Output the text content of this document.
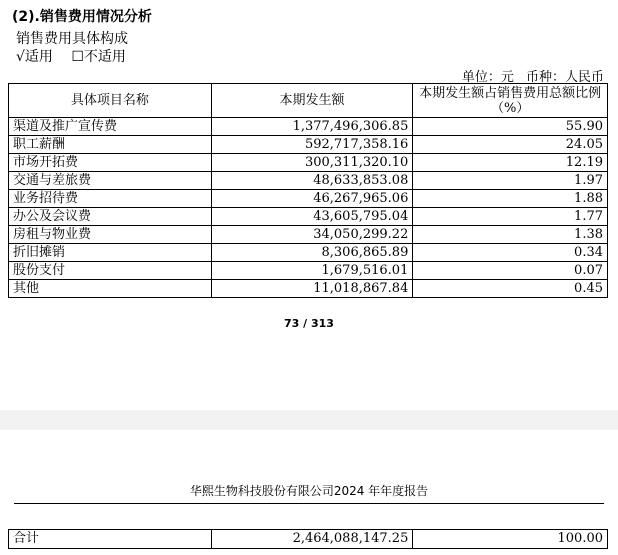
(2).销售费用情况分析
销售费用具体构成
√适用 ☐不适用
单位：元 币种：人民币
具体项目名称	本期发生额	本期发生额占销售费用总额比例（%）
渠道及推广宣传费	1,377,496,306.85	55.90
职工薪酬	592,717,358.16	24.05
市场开拓费	300,311,320.10	12.19
交通与差旅费	48,633,853.08	1.97
业务招待费	46,267,965.06	1.88
办公及会议费	43,605,795.04	1.77
房租与物业费	34,050,299.22	1.38
折旧摊销	8,306,865.89	0.34
股份支付	1,679,516.01	0.07
其他	11,018,867.84	0.45
73 / 313
华熙生物科技股份有限公司2024 年年度报告
合计	2,464,088,147.25	100.00
